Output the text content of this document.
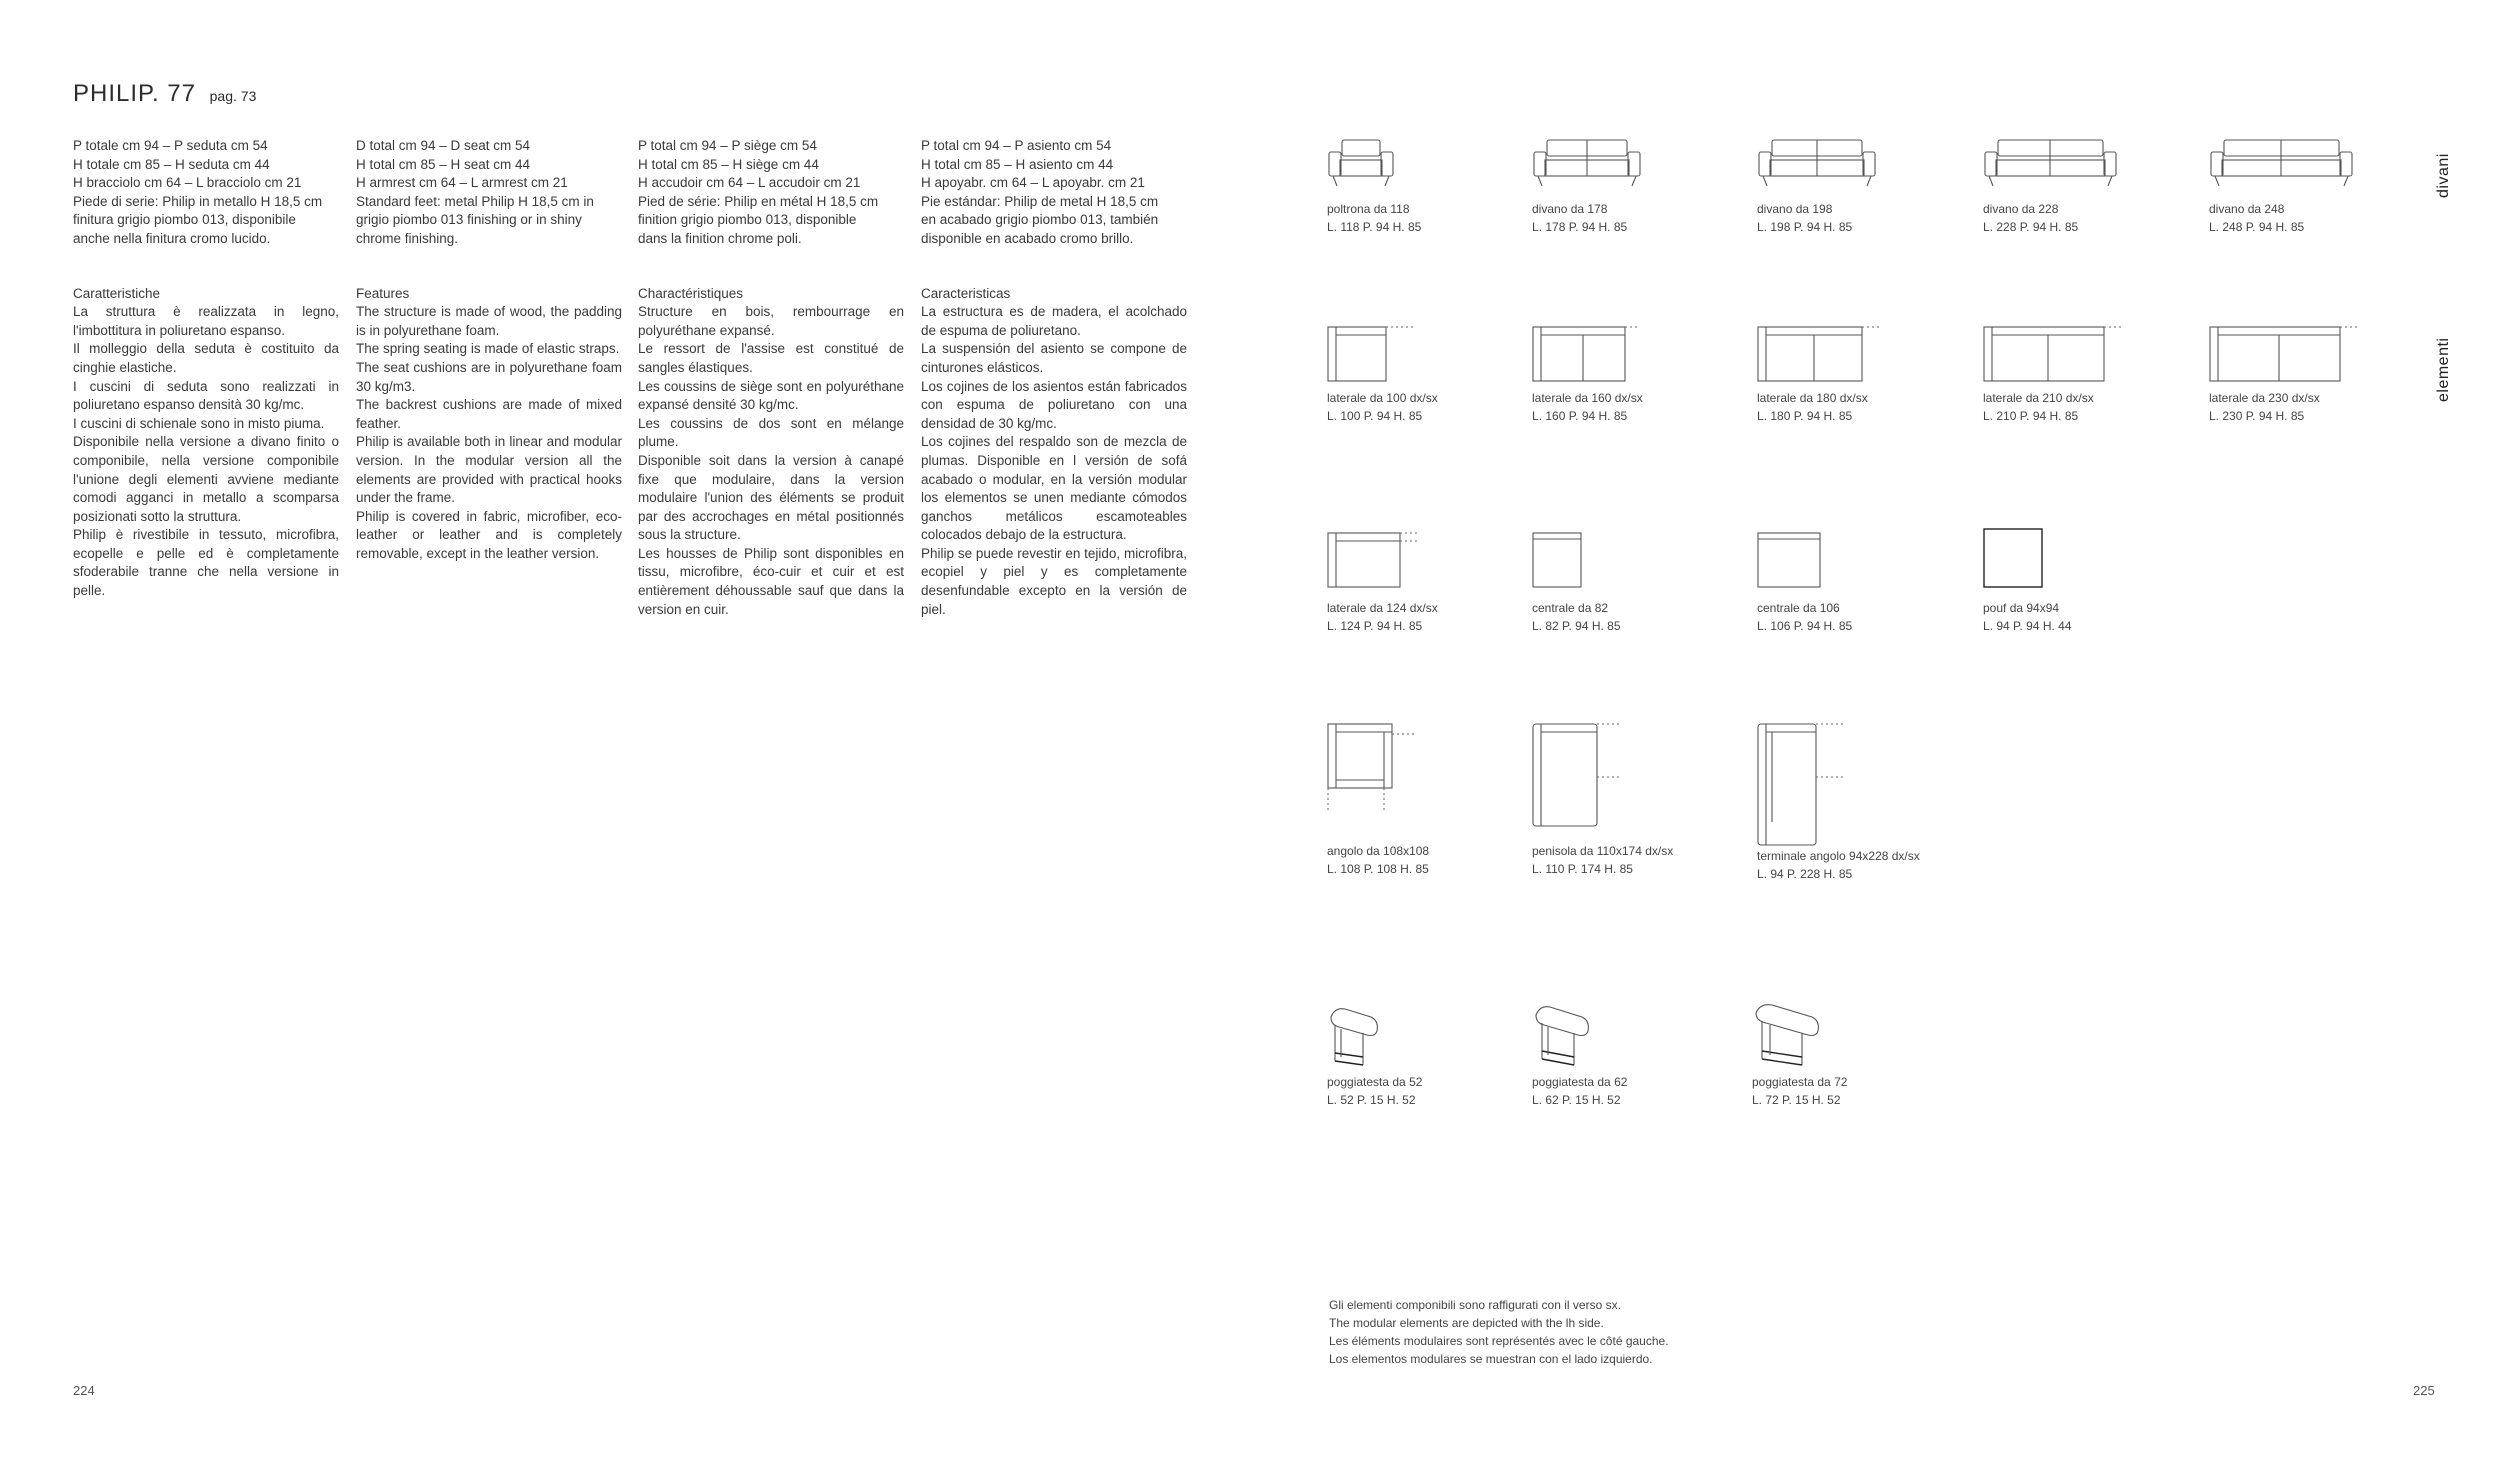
PHILIP. 77 pag. 73
P totale cm 94 – P seduta cm 54
H totale cm 85 – H seduta cm 44
H bracciolo cm 64 – L bracciolo cm 21
Piede di serie: Philip in metallo H 18,5 cm
finitura grigio piombo 013, disponibile
anche nella finitura cromo lucido.
Caratteristiche

La struttura è realizzata in legno, l'imbottitura in poliuretano espanso.

Il molleggio della seduta è costituito da cinghie elastiche.

I cuscini di seduta sono realizzati in poliuretano espanso densità 30 kg/mc.

I cuscini di schienale sono in misto piuma.

Disponibile nella versione a divano finito o componibile, nella versione componibile l'unione degli elementi avviene mediante comodi agganci in metallo a scomparsa posizionati sotto la struttura.

Philip è rivestibile in tessuto, microfibra, ecopelle e pelle ed è completamente sfoderabile tranne che nella versione in pelle.

D total cm 94 – D seat cm 54
H total cm 85 – H seat cm 44
H armrest cm 64 – L armrest cm 21
Standard feet: metal Philip H 18,5 cm in
grigio piombo 013 finishing or in shiny
chrome finishing.
Features

The structure is made of wood, the padding is in polyurethane foam.

The spring seating is made of elastic straps.

The seat cushions are in polyurethane foam 30 kg/m3.

The backrest cushions are made of mixed feather.

Philip is available both in linear and modular version. In the modular version all the elements are provided with practical hooks under the frame.

Philip is covered in fabric, microfiber, eco-leather or leather and is completely removable, except in the leather version.

P total cm 94 – P siège cm 54
H total cm 85 – H siège cm 44
H accudoir cm 64 – L accudoir cm 21
Pied de série: Philip en métal H 18,5 cm
finition grigio piombo 013, disponible
dans la finition chrome poli.
Charactéristiques

Structure en bois, rembourrage en polyuréthane expansé.

Le ressort de l'assise est constitué de sangles élastiques.

Les coussins de siège sont en polyuréthane expansé densité 30 kg/mc.

Les coussins de dos sont en mélange plume.

Disponible soit dans la version à canapé fixe que modulaire, dans la version modulaire l'union des éléments se produit par des accrochages en métal positionnés sous la structure.

Les housses de Philip sont disponibles en tissu, microfibre, éco-cuir et cuir et est entièrement déhoussable sauf que dans la version en cuir.

P total cm 94 – P asiento cm 54
H total cm 85 – H asiento cm 44
H apoyabr. cm 64 – L apoyabr. cm 21
Pie estándar: Philip de metal H 18,5 cm
en acabado grigio piombo 013, también
disponible en acabado cromo brillo.
Caracteristicas

La estructura es de madera, el acolchado de espuma de poliuretano.

La suspensión del asiento se compone de cinturones elásticos.

Los cojines de los asientos están fabricados con espuma de poliuretano con una densidad de 30 kg/mc.

Los cojines del respaldo son de mezcla de plumas. Disponible en l versión de sofá acabado o modular, en la versión modular los elementos se unen mediante cómodos ganchos metálicos escamoteables colocados debajo de la estructura.

Philip se puede revestir en tejido, microfibra, ecopiel y piel y es completamente desenfundable excepto en la versión de piel.

divani
elementi
poltrona da 118
L. 118 P. 94 H. 85
divano da 178
L. 178 P. 94 H. 85
divano da 198
L. 198 P. 94 H. 85
divano da 228
L. 228 P. 94 H. 85
divano da 248
L. 248 P. 94 H. 85
laterale da 100 dx/sx
L. 100 P. 94 H. 85
laterale da 160 dx/sx
L. 160 P. 94 H. 85
laterale da 180 dx/sx
L. 180 P. 94 H. 85
laterale da 210 dx/sx
L. 210 P. 94 H. 85
laterale da 230 dx/sx
L. 230 P. 94 H. 85
laterale da 124 dx/sx
L. 124 P. 94 H. 85
centrale da 82
L. 82 P. 94 H. 85
centrale da 106
L. 106 P. 94 H. 85
pouf da 94x94
L. 94 P. 94 H. 44
angolo da 108x108
L. 108 P. 108 H. 85
penisola da 110x174 dx/sx
L. 110 P. 174 H. 85
terminale angolo 94x228 dx/sx
L. 94 P. 228 H. 85
poggiatesta da 52
L. 52 P. 15 H. 52
poggiatesta da 62
L. 62 P. 15 H. 52
poggiatesta da 72
L. 72 P. 15 H. 52
Gli elementi componibili sono raffigurati con il verso sx.
The modular elements are depicted with the lh side.
Les éléments modulaires sont représentés avec le côté gauche.
Los elementos modulares se muestran con el lado izquierdo.
224	225
